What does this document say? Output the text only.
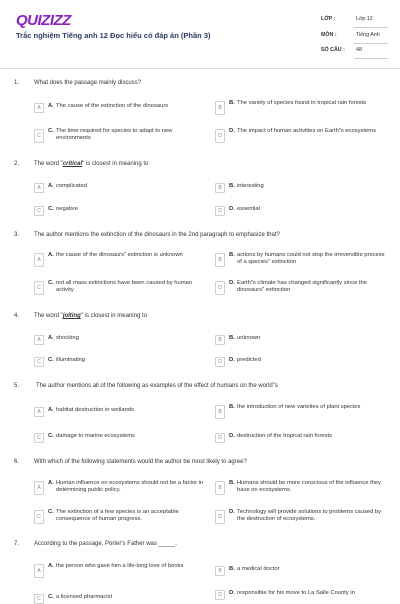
QUIZIZZ
Trắc nghiệm Tiếng anh 12 Đọc hiểu có đáp án (Phần 3)
LỚP :	Lớp 12
MÔN :	Tiếng Anh
SỐ CÂU : 48
1. What does the passage mainly discuss?
A	A. The cause of the extinction of the dinosaurs	B
B. The variety of species found in tropical rain forests
C
C. The time required for species to adapt to new environments	D
D. The impact of human activities on Earth"s ecosystems
2. The word "critical" is closest in meaning to
A	A. complicated	B	B. interesting
C	C. negative	D	D. essential
3. The author mentions the extinction of the dinosaurs in the 2nd paragraph to emphasize that?
A
A. the cause of the dinosaurs" extinction is unknown
B
B. actions by humans could not stop the irreversible process of a species" extinction
C
C. not all mass extinctions have been caused by human activity	D
D. Earth"s climate has changed significantly since the dinosaurs" extinction
4. The word "jolting" is closest in meaning to
A	A. shocking	B	B. unknown
C	C. illuminating	D	D. predicted
5.	The author mentions all of the following as examples of the effect of humans on the world"s
A	A. habitat destruction in wetlands	B
B. the introduction of new varieties of plant species
C	C. damage to marine ecosystems	D	D. destruction of the tropical rain forests
6. With which of the following statements would the author be most likely to agree?
A
A. Human influence on ecosystems should not be a factor in determining public policy.	B
B. Humans should be more conscious of the influence they have on ecosystems.
C
C. The extinction of a few species is an acceptable consequence of human progress.	D
D. Technology will provide solutions to problems caused by the destruction of ecosystems.
7. According to the passage, Porter's Father was _____.
A
A. the person who gave him a life-long love of books
B	B. a medical doctor
C	C. a licensed pharmacist	D	D. responsible for his move to La Salle County in
